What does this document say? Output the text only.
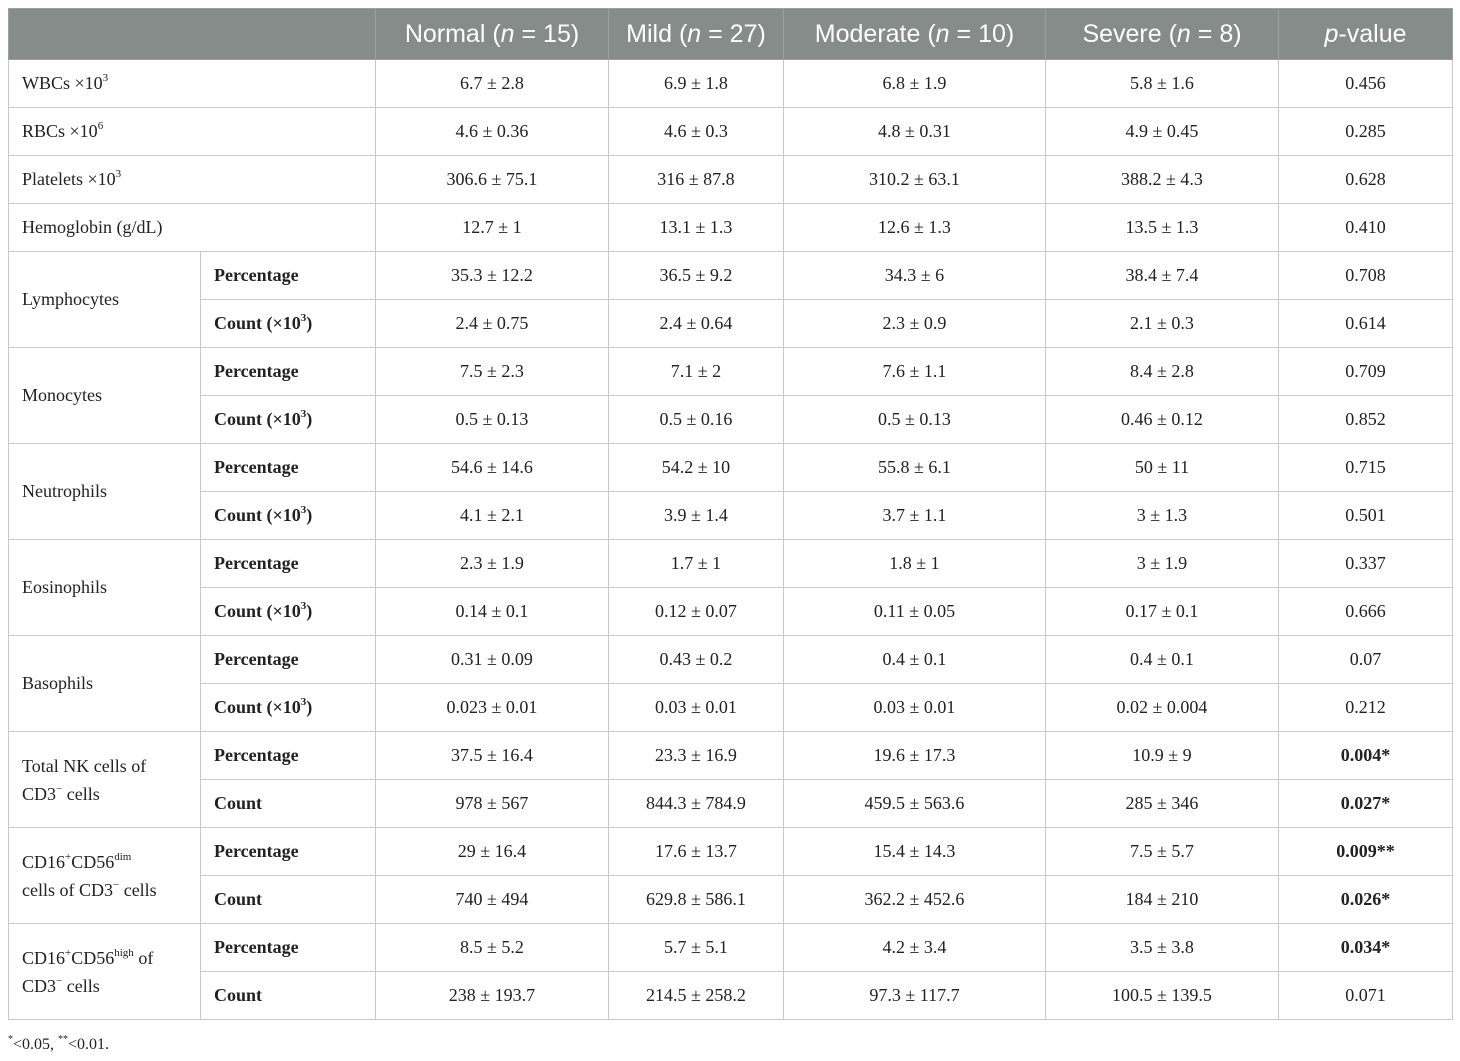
		Normal (n = 15)	Mild (n = 27)	Moderate (n = 10)	Severe (n = 8)	p-value
WBCs $\times 10^3$		6.7 ± 2.8	6.9 ± 1.8	6.8 ± 1.9	5.8 ± 1.6	0.456
RBCs $\times 10^6$		4.6 ± 0.36	4.6 ± 0.3	4.8 ± 0.31	4.9 ± 0.45	0.285
Platelets $\times 10^3$		306.6 ± 75.1	316 ± 87.8	310.2 ± 63.1	388.2 ± 4.3	0.628
Hemoglobin (g/dL)		12.7 ± 1	13.1 ± 1.3	12.6 ± 1.3	13.5 ± 1.3	0.410
Lymphocytes	Percentage	35.3 ± 12.2	36.5 ± 9.2	34.3 ± 6	38.4 ± 7.4	0.708
	Count $(\times 10^3)$	2.4 ± 0.75	2.4 ± 0.64	2.3 ± 0.9	2.1 ± 0.3	0.614
Monocytes	Percentage	7.5 ± 2.3	7.1 ± 2	7.6 ± 1.1	8.4 ± 2.8	0.709
	Count $(\times 10^3)$	0.5 ± 0.13	0.5 ± 0.16	0.5 ± 0.13	0.46 ± 0.12	0.852
Neutrophils	Percentage	54.6 ± 14.6	54.2 ± 10	55.8 ± 6.1	50 ± 11	0.715
	Count $(\times 10^3)$	4.1 ± 2.1	3.9 ± 1.4	3.7 ± 1.1	3 ± 1.3	0.501
Eosinophils	Percentage	2.3 ± 1.9	1.7 ± 1	1.8 ± 1	3 ± 1.9	0.337
	Count $(\times 10^3)$	0.14 ± 0.1	0.12 ± 0.07	0.11 ± 0.05	0.17 ± 0.1	0.666
Basophils	Percentage	0.31 ± 0.09	0.43 ± 0.2	0.4 ± 0.1	0.4 ± 0.1	0.07
	Count $(\times 10^3)$	0.023 ± 0.01	0.03 ± 0.01	0.03 ± 0.01	0.02 ± 0.004	0.212
Total NK cells of
CD3− cells	Percentage	37.5 ± 16.4	23.3 ± 16.9	19.6 ± 17.3	10.9 ± 9	0.004*
	Count	978 ± 567	844.3 ± 784.9	459.5 ± 563.6	285 ± 346	0.027*
$CD16^+CD56^{dim}$
cells of CD3− cells	Percentage	29 ± 16.4	17.6 ± 13.7	15.4 ± 14.3	7.5 ± 5.7	0.009**
	Count	740 ± 494	629.8 ± 586.1	362.2 ± 452.6	184 ± 210	0.026*
$CD16^+CD56^{high}$ of
CD3− cells	Percentage	8.5 ± 5.2	5.7 ± 5.1	4.2 ± 3.4	3.5 ± 3.8	0.034*
	Count	238 ± 193.7	214.5 ± 258.2	97.3 ± 117.7	100.5 ± 139.5	0.071
*<0.05, **<0.01.
